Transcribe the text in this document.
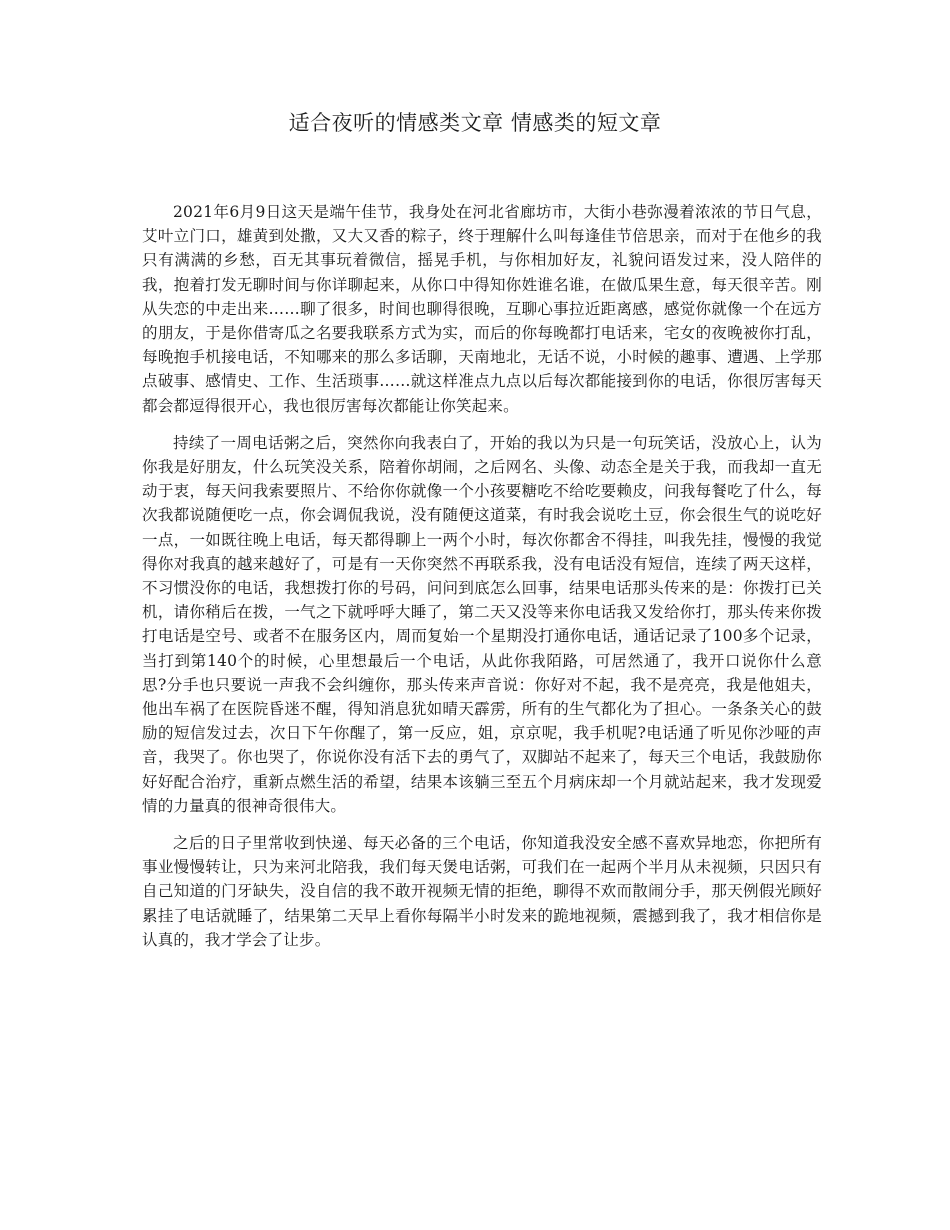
适合夜听的情感类文章 情感类的短文章

2021年6月9日这天是端午佳节，我身处在河北省廊坊市，大街小巷弥漫着浓浓的节日气息，艾叶立门口，雄黄到处撒，又大又香的粽子，终于理解什么叫每逢佳节倍思亲，而对于在他乡的我只有满满的乡愁，百无其事玩着微信，摇晃手机，与你相加好友，礼貌问语发过来，没人陪伴的我，抱着打发无聊时间与你详聊起来，从你口中得知你姓谁名谁，在做瓜果生意，每天很辛苦。刚从失恋的中走出来……聊了很多，时间也聊得很晚，互聊心事拉近距离感，感觉你就像一个在远方的朋友，于是你借寄瓜之名要我联系方式为实，而后的你每晚都打电话来，宅女的夜晚被你打乱，每晚抱手机接电话，不知哪来的那么多话聊，天南地北，无话不说，小时候的趣事、遭遇、上学那点破事、感情史、工作、生活琐事……就这样准点九点以后每次都能接到你的电话，你很厉害每天都会都逗得很开心，我也很厉害每次都能让你笑起来。

持续了一周电话粥之后，突然你向我表白了，开始的我以为只是一句玩笑话，没放心上，认为你我是好朋友，什么玩笑没关系，陪着你胡闹，之后网名、头像、动态全是关于我，而我却一直无动于衷，每天问我索要照片、不给你你就像一个小孩要糖吃不给吃要赖皮，问我每餐吃了什么，每次我都说随便吃一点，你会调侃我说，没有随便这道菜，有时我会说吃土豆，你会很生气的说吃好一点，一如既往晚上电话，每天都得聊上一两个小时，每次你都舍不得挂，叫我先挂，慢慢的我觉得你对我真的越来越好了，可是有一天你突然不再联系我，没有电话没有短信，连续了两天这样，不习惯没你的电话，我想拨打你的号码，问问到底怎么回事，结果电话那头传来的是：你拨打已关机，请你稍后在拨，一气之下就呼呼大睡了，第二天又没等来你电话我又发给你打，那头传来你拨打电话是空号、或者不在服务区内，周而复始一个星期没打通你电话，通话记录了100多个记录，当打到第140个的时候，心里想最后一个电话，从此你我陌路，可居然通了，我开口说你什么意思?分手也只要说一声我不会纠缠你，那头传来声音说：你好对不起，我不是亮亮，我是他姐夫，他出车祸了在医院昏迷不醒，得知消息犹如晴天霹雳，所有的生气都化为了担心。一条条关心的鼓励的短信发过去，次日下午你醒了，第一反应，姐，京京呢，我手机呢?电话通了听见你沙哑的声音，我哭了。你也哭了，你说你没有活下去的勇气了，双脚站不起来了，每天三个电话，我鼓励你好好配合治疗，重新点燃生活的希望，结果本该躺三至五个月病床却一个月就站起来，我才发现爱情的力量真的很神奇很伟大。

之后的日子里常收到快递、每天必备的三个电话，你知道我没安全感不喜欢异地恋，你把所有事业慢慢转让，只为来河北陪我，我们每天煲电话粥，可我们在一起两个半月从未视频，只因只有自己知道的门牙缺失，没自信的我不敢开视频无情的拒绝，聊得不欢而散闹分手，那天例假光顾好累挂了电话就睡了，结果第二天早上看你每隔半小时发来的跪地视频，震撼到我了，我才相信你是认真的，我才学会了让步。
